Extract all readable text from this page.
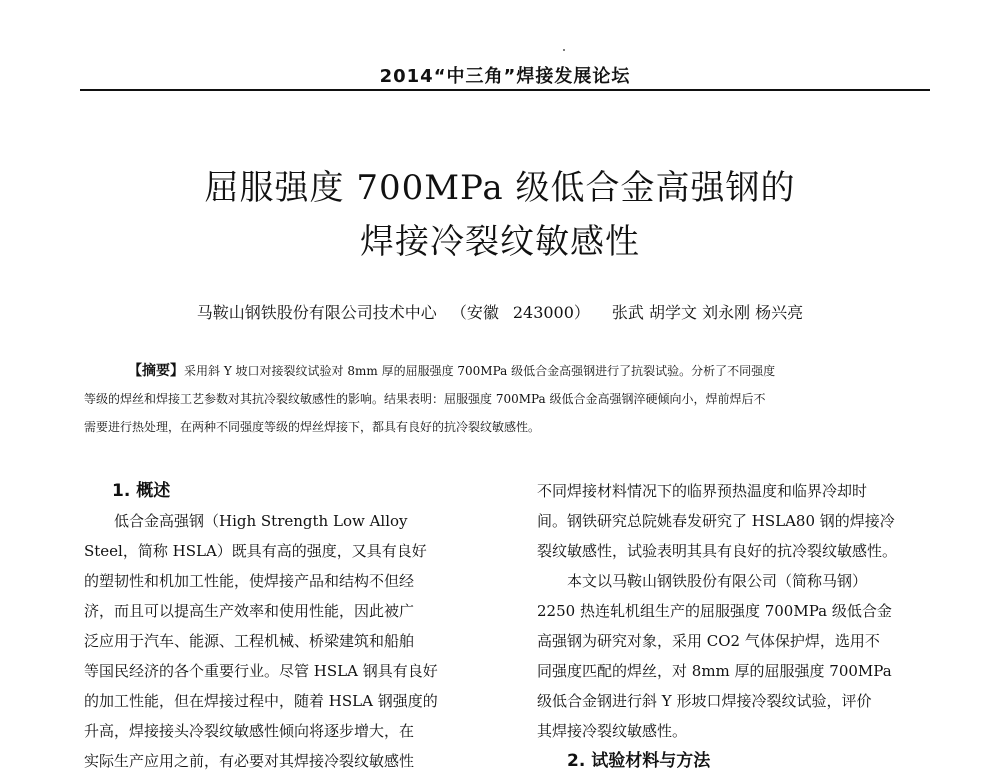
2014“中三角”焊接发展论坛
屈服强度 700MPa 级低合金高强钢的
焊接冷裂纹敏感性
马鞍山钢铁股份有限公司技术中心 （安徽 243000） 张武 胡学文 刘永刚 杨兴亮
【摘要】采用斜 Y 坡口对接裂纹试验对 8mm 厚的屈服强度 700MPa 级低合金高强钢进行了抗裂试验。分析了不同强度
等级的焊丝和焊接工艺参数对其抗冷裂纹敏感性的影响。结果表明：屈服强度 700MPa 级低合金高强钢淬硬倾向小，焊前焊后不
需要进行热处理，在两种不同强度等级的焊丝焊接下，都具有良好的抗冷裂纹敏感性。
1. 概述
低合金高强钢（High Strength Low Alloy
Steel，简称 HSLA）既具有高的强度，又具有良好
的塑韧性和机加工性能，使焊接产品和结构不但经
济，而且可以提高生产效率和使用性能，因此被广
泛应用于汽车、能源、工程机械、桥梁建筑和船舶
等国民经济的各个重要行业。尽管 HSLA 钢具有良好
的加工性能，但在焊接过程中，随着 HSLA 钢强度的
升高，焊接接头冷裂纹敏感性倾向将逐步增大，在
实际生产应用之前，有必要对其焊接冷裂纹敏感性
不同焊接材料情况下的临界预热温度和临界冷却时
间。钢铁研究总院姚春发研究了 HSLA80 钢的焊接冷
裂纹敏感性，试验表明其具有良好的抗冷裂纹敏感性。
本文以马鞍山钢铁股份有限公司（简称马钢）
2250 热连轧机组生产的屈服强度 700MPa 级低合金
高强钢为研究对象，采用 CO2 气体保护焊，选用不
同强度匹配的焊丝，对 8mm 厚的屈服强度 700MPa
级低合金钢进行斜 Y 形坡口焊接冷裂纹试验，评价
其焊接冷裂纹敏感性。
2. 试验材料与方法
